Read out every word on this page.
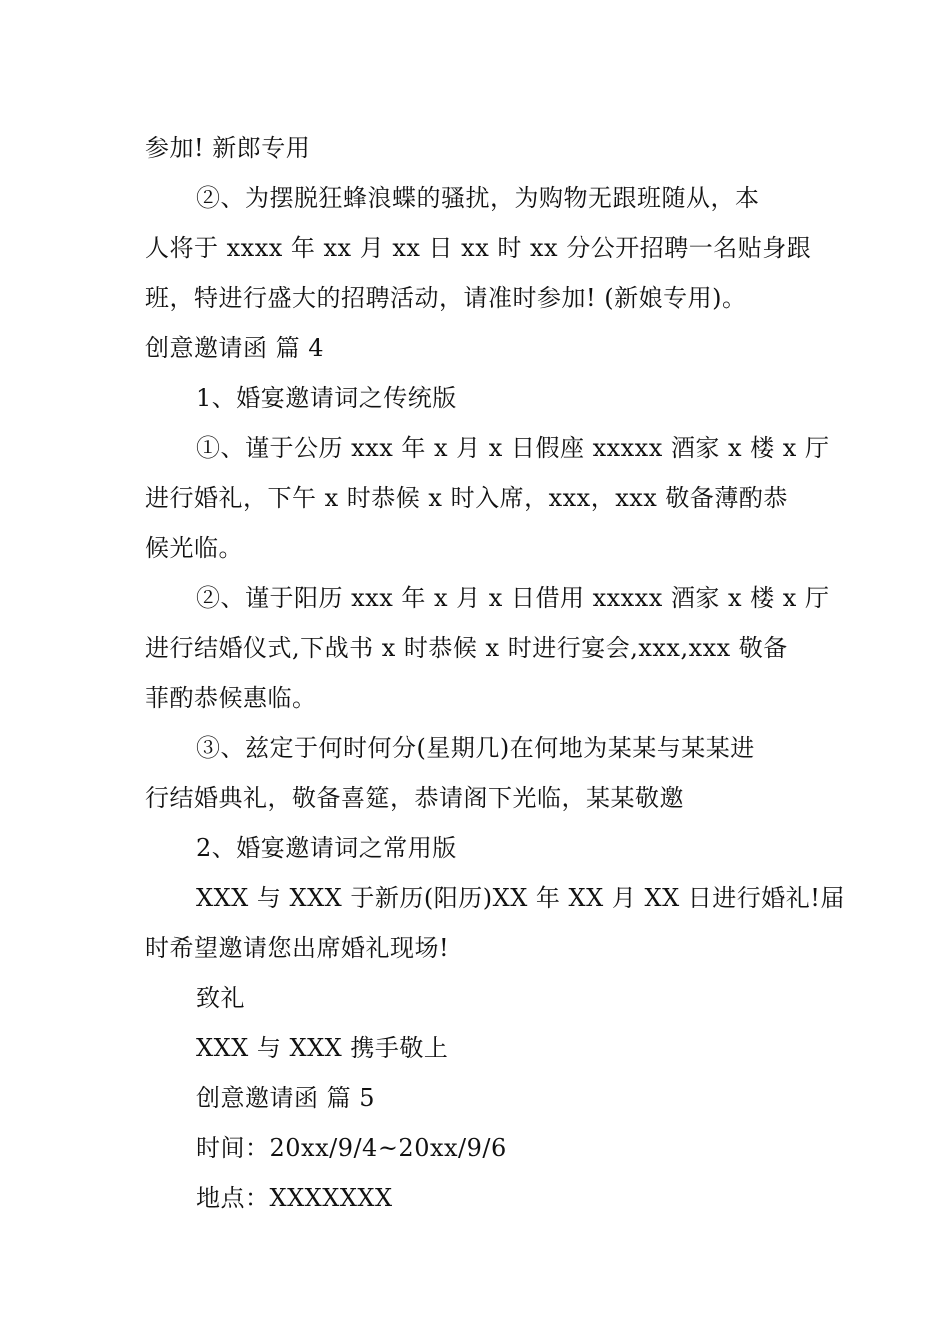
参加! 新郎专用
②、为摆脱狂蜂浪蝶的骚扰，为购物无跟班随从，本
人将于 xxxx 年 xx 月 xx 日 xx 时 xx 分公开招聘一名贴身跟
班，特进行盛大的招聘活动，请准时参加! (新娘专用)。
创意邀请函 篇 4
1、婚宴邀请词之传统版
①、谨于公历 xxx 年 x 月 x 日假座 xxxxx 酒家 x 楼 x 厅
进行婚礼，下午 x 时恭候 x 时入席，xxx，xxx 敬备薄酌恭
候光临。
②、谨于阳历 xxx 年 x 月 x 日借用 xxxxx 酒家 x 楼 x 厅
进行结婚仪式,下战书 x 时恭候 x 时进行宴会,xxx,xxx 敬备
菲酌恭候惠临。
③、兹定于何时何分(星期几)在何地为某某与某某进
行结婚典礼，敬备喜筵，恭请阁下光临，某某敬邀
2、婚宴邀请词之常用版
XXX 与 XXX 于新历(阳历)XX 年 XX 月 XX 日进行婚礼!届
时希望邀请您出席婚礼现场!
致礼
XXX 与 XXX 携手敬上
创意邀请函 篇 5
时间：20xx/9/4~20xx/9/6
地点：XXXXXXX
